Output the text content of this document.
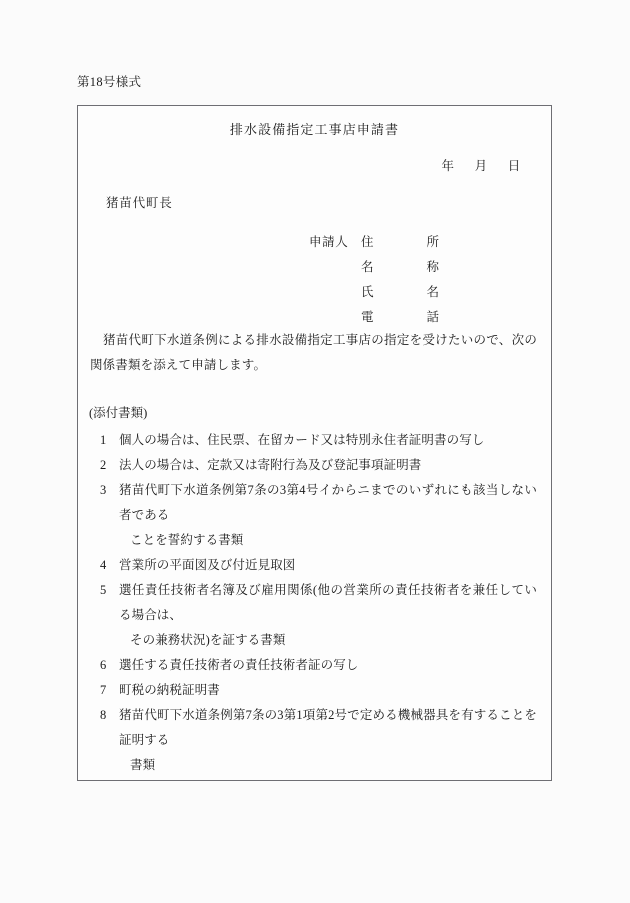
第18号様式
排水設備指定工事店申請書
年 月 日
猪苗代町長
申請人	住	所
名	称
氏	名
電	話
猪苗代町下水道条例による排水設備指定工事店の指定を受けたいので、次の関係書類を添えて申請します。
(添付書類)
1	個人の場合は、住民票、在留カード又は特別永住者証明書の写し
2	法人の場合は、定款又は寄附行為及び登記事項証明書
3	猪苗代町下水道条例第7条の3第4号イからニまでのいずれにも該当しない者である
ことを誓約する書類
4	営業所の平面図及び付近見取図
5	選任責任技術者名簿及び雇用関係(他の営業所の責任技術者を兼任している場合は、
その兼務状況)を証する書類
6	選任する責任技術者の責任技術者証の写し
7	町税の納税証明書
8	猪苗代町下水道条例第7条の3第1項第2号で定める機械器具を有することを証明する
書類
